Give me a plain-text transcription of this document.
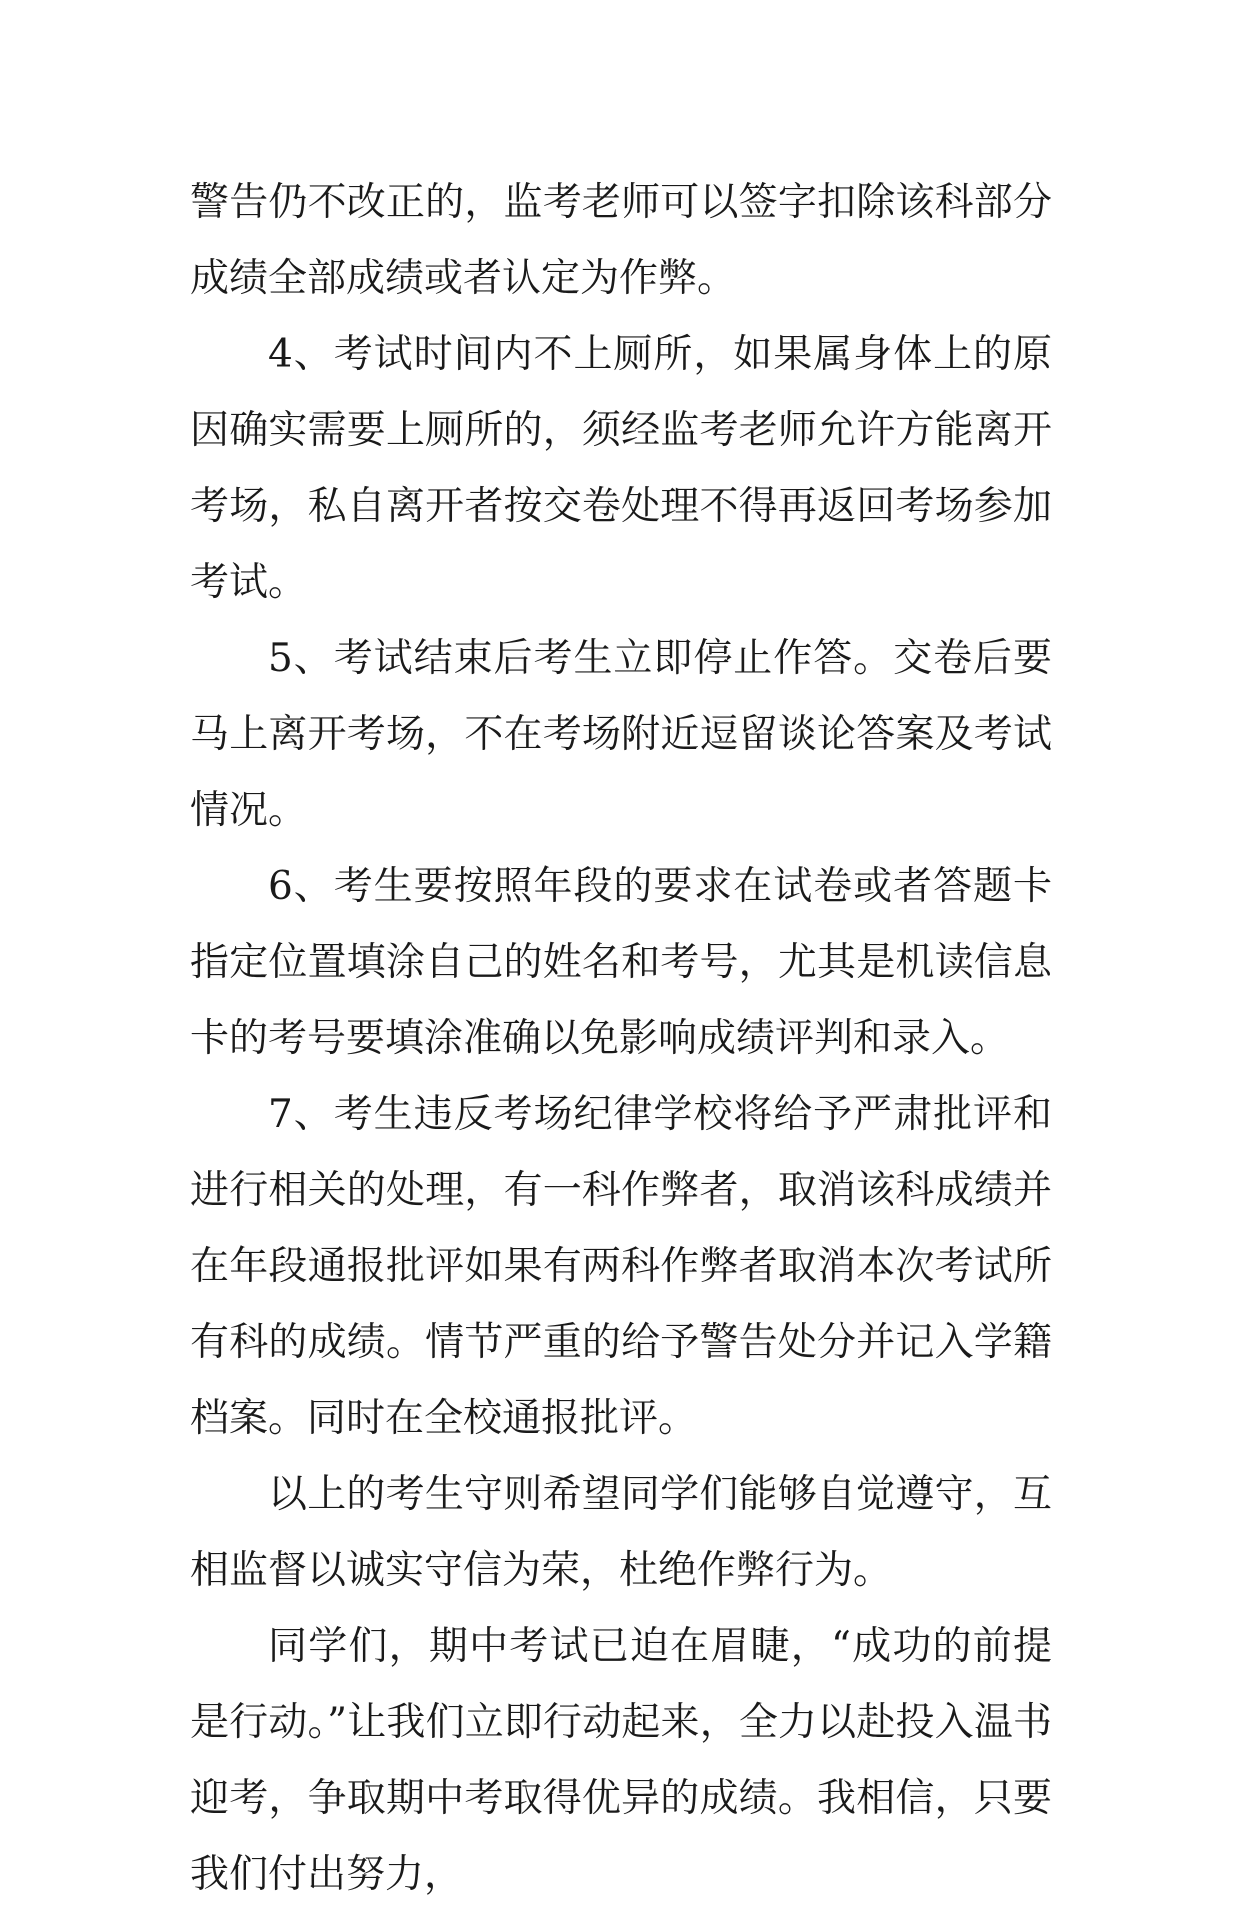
警告仍不改正的，监考老师可以签字扣除该科部分成绩全部成绩或者认定为作弊。

4、考试时间内不上厕所，如果属身体上的原因确实需要上厕所的，须经监考老师允许方能离开考场，私自离开者按交卷处理不得再返回考场参加考试。

5、考试结束后考生立即停止作答。交卷后要马上离开考场，不在考场附近逗留谈论答案及考试情况。

6、考生要按照年段的要求在试卷或者答题卡指定位置填涂自己的姓名和考号，尤其是机读信息卡的考号要填涂准确以免影响成绩评判和录入。

7、考生违反考场纪律学校将给予严肃批评和进行相关的处理，有一科作弊者，取消该科成绩并在年段通报批评如果有两科作弊者取消本次考试所有科的成绩。情节严重的给予警告处分并记入学籍档案。同时在全校通报批评。

以上的考生守则希望同学们能够自觉遵守，互相监督以诚实守信为荣，杜绝作弊行为。

同学们，期中考试已迫在眉睫，“成功的前提是行动。”让我们立即行动起来，全力以赴投入温书迎考，争取期中考取得优异的成绩。我相信，只要我们付出努力，
